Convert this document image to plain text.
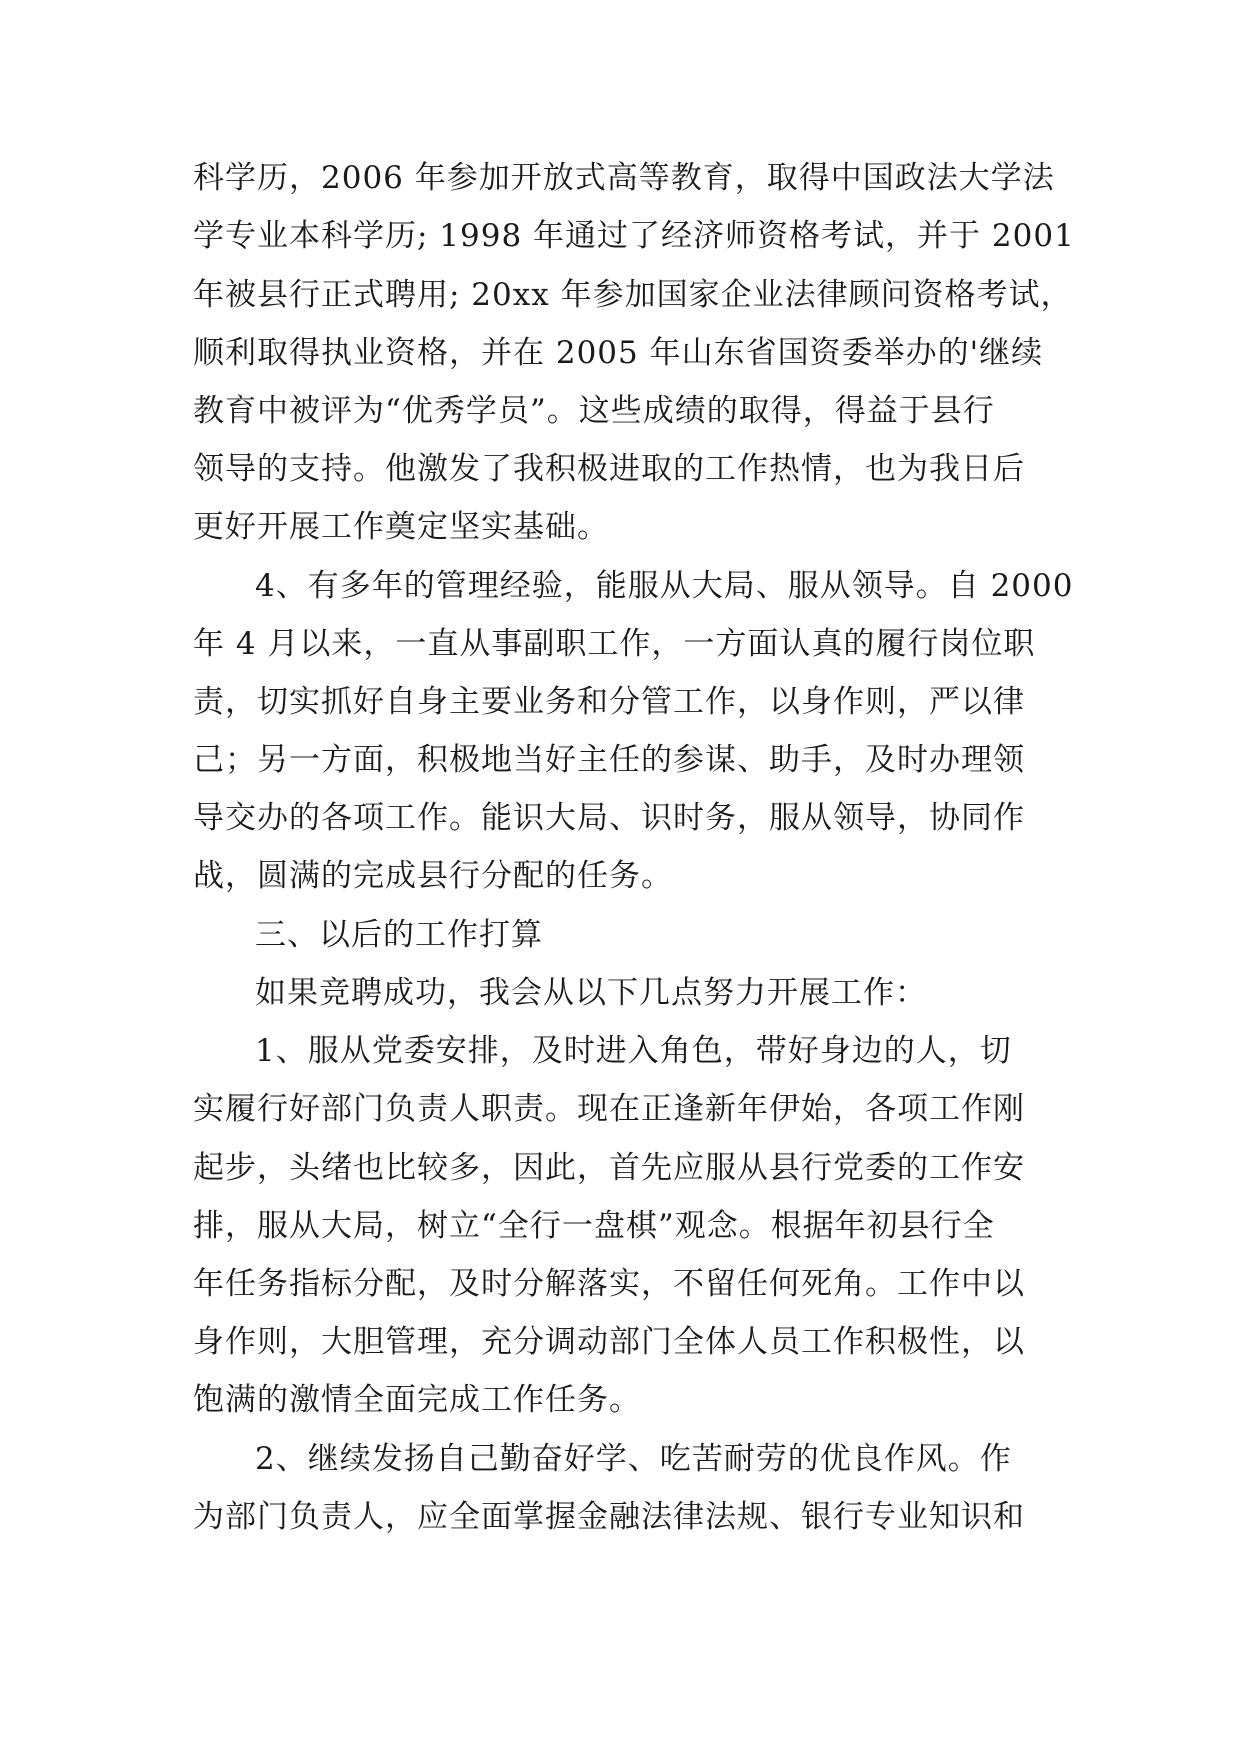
科学历，2006 年参加开放式高等教育，取得中国政法大学法
学专业本科学历; 1998 年通过了经济师资格考试，并于 2001
年被县行正式聘用; 20xx 年参加国家企业法律顾问资格考试，
顺利取得执业资格，并在 2005 年山东省国资委举办的'继续
教育中被评为“优秀学员”。这些成绩的取得，得益于县行
领导的支持。他激发了我积极进取的工作热情，也为我日后
更好开展工作奠定坚实基础。
4、有多年的管理经验，能服从大局、服从领导。自 2000
年 4 月以来，一直从事副职工作，一方面认真的履行岗位职
责，切实抓好自身主要业务和分管工作，以身作则，严以律
己；另一方面，积极地当好主任的参谋、助手，及时办理领
导交办的各项工作。能识大局、识时务，服从领导，协同作
战，圆满的完成县行分配的任务。
三、以后的工作打算
如果竞聘成功，我会从以下几点努力开展工作：
1、服从党委安排，及时进入角色，带好身边的人，切
实履行好部门负责人职责。现在正逢新年伊始，各项工作刚
起步，头绪也比较多，因此，首先应服从县行党委的工作安
排，服从大局，树立“全行一盘棋”观念。根据年初县行全
年任务指标分配，及时分解落实，不留任何死角。工作中以
身作则，大胆管理，充分调动部门全体人员工作积极性，以
饱满的激情全面完成工作任务。
2、继续发扬自己勤奋好学、吃苦耐劳的优良作风。作
为部门负责人，应全面掌握金融法律法规、银行专业知识和
